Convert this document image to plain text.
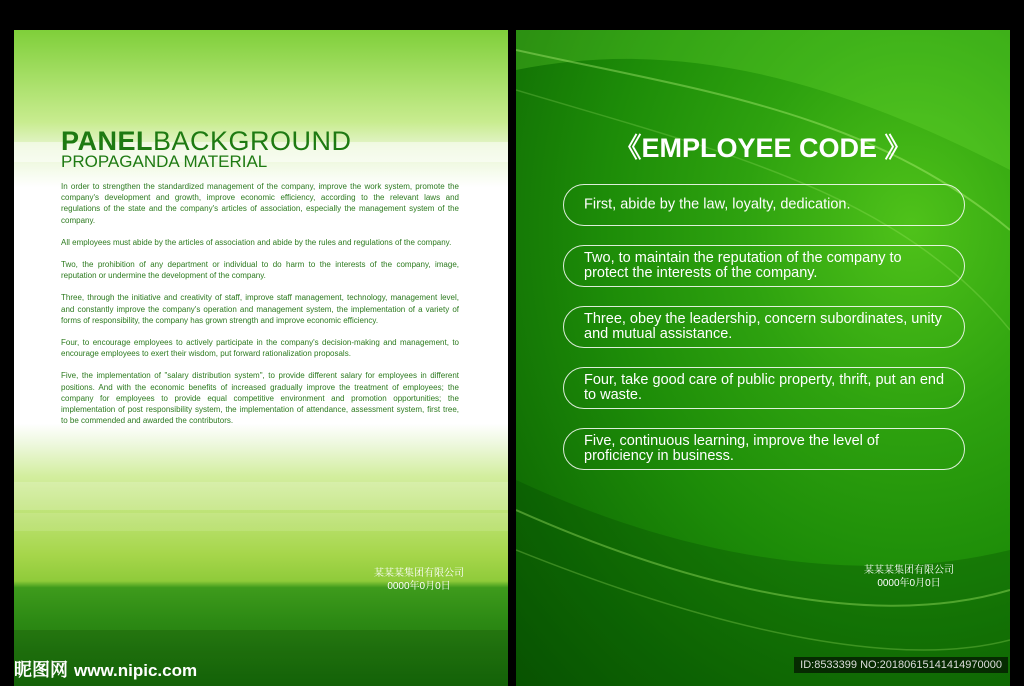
PANELBACKGROUND
PROPAGANDA MATERIAL

In order to strengthen the standardized management of the company, improve the work system, promote the company's development and growth, improve economic efficiency, according to the relevant laws and regulations of the state and the company's articles of association, especially the management system of the company.

All employees must abide by the articles of association and abide by the rules and regulations of the company.

Two, the prohibition of any department or individual to do harm to the interests of the company, image, reputation or undermine the development of the company.

Three, through the initiative and creativity of staff, improve staff management, technology, management level, and constantly improve the company's operation and management system, the implementation of a variety of forms of responsibility, the company has grown strength and improve economic efficiency.

Four, to encourage employees to actively participate in the company's decision-making and management, to encourage employees to exert their wisdom, put forward rationalization proposals.

Five, the implementation of "salary distribution system", to provide different salary for employees in different positions. And with the economic benefits of increased gradually improve the treatment of employees; the company for employees to provide equal competitive environment and promotion opportunities; the implementation of post responsibility system, the implementation of attendance, assessment system, first tree, to be commended and awarded the contributors.

某某某集团有限公司
0000年0月0日
《EMPLOYEE CODE 》
First, abide by the law, loyalty, dedication.
Two, to maintain the reputation of the company to protect the interests of the company.
Three, obey the leadership, concern subordinates, unity and mutual assistance.
Four, take good care of public property, thrift, put an end to waste.
Five, continuous learning, improve the level of proficiency in business.
某某某集团有限公司
0000年0月0日
昵图网 www.nipic.com	ID:8533399 NO:20180615141414970000
